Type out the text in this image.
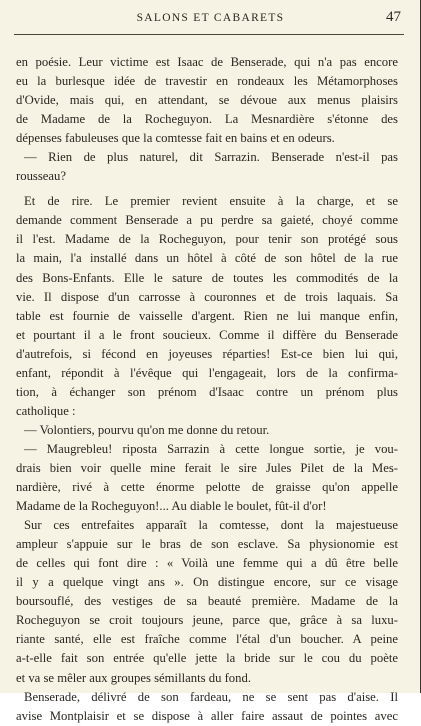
SALONS ET CABARETS	47
en poésie. Leur victime est Isaac de Benserade, qui n'a pas encore
eu la burlesque idée de travestir en rondeaux les Métamorphoses
d'Ovide, mais qui, en attendant, se dévoue aux menus plaisirs
de Madame de la Rocheguyon. La Mesnardière s'étonne des
dépenses fabuleuses que la comtesse fait en bains et en odeurs.
— Rien de plus naturel, dit Sarrazin. Benserade n'est-il pas
rousseau?
Et de rire. Le premier revient ensuite à la charge, et se
demande comment Benserade a pu perdre sa gaieté, choyé comme
il l'est. Madame de la Rocheguyon, pour tenir son protégé sous
la main, l'a installé dans un hôtel à côté de son hôtel de la rue
des Bons-Enfants. Elle le sature de toutes les commodités de la
vie. Il dispose d'un carrosse à couronnes et de trois laquais. Sa
table est fournie de vaisselle d'argent. Rien ne lui manque enfin,
et pourtant il a le front soucieux. Comme il diffère du Benserade
d'autrefois, si fécond en joyeuses réparties! Est-ce bien lui qui,
enfant, répondit à l'évêque qui l'engageait, lors de la confirma-
tion, à échanger son prénom d'Isaac contre un prénom plus
catholique :
— Volontiers, pourvu qu'on me donne du retour.
— Maugrebleu! riposta Sarrazin à cette longue sortie, je vou-
drais bien voir quelle mine ferait le sire Jules Pilet de la Mes-
nardière, rivé à cette énorme pelotte de graisse qu'on appelle
Madame de la Rocheguyon!... Au diable le boulet, fût-il d'or!
Sur ces entrefaites apparaît la comtesse, dont la majestueuse
ampleur s'appuie sur le bras de son esclave. Sa physionomie est
de celles qui font dire : « Voilà une femme qui a dû être belle
il y a quelque vingt ans ». On distingue encore, sur ce visage
boursouflé, des vestiges de sa beauté première. Madame de la
Rocheguyon se croit toujours jeune, parce que, grâce à sa luxu-
riante santé, elle est fraîche comme l'étal d'un boucher. A peine
a-t-elle fait son entrée qu'elle jette la bride sur le cou du poète
et va se mêler aux groupes sémillants du fond.
Benserade, délivré de son fardeau, ne se sent pas d'aise. Il
avise Montplaisir et se dispose à aller faire assaut de pointes avec
